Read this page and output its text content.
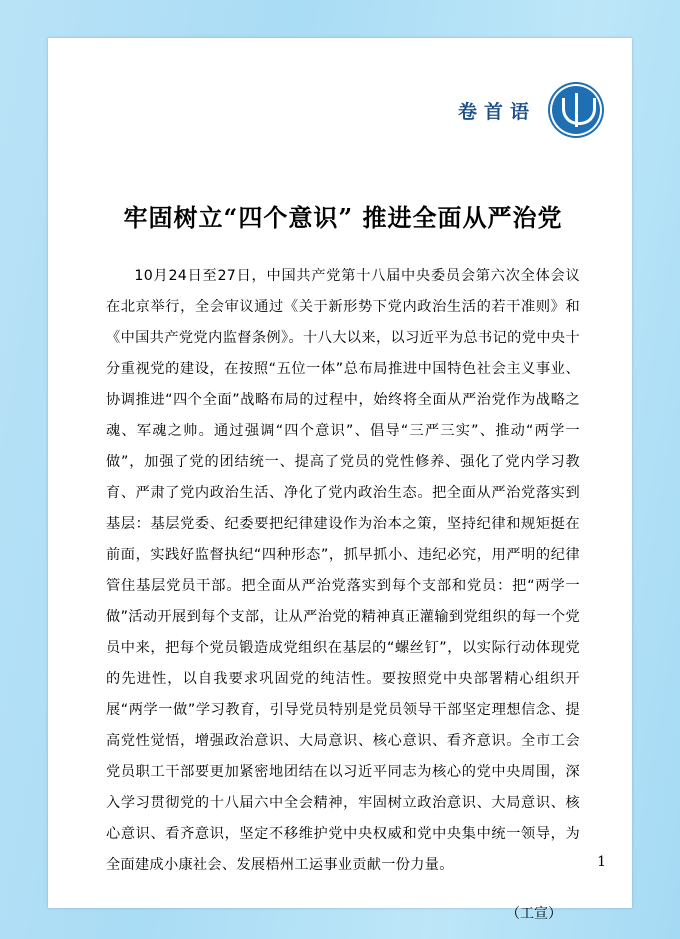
卷首语
牢固树立“四个意识” 推进全面从严治党

10月24日至27日，中国共产党第十八届中央委员会第六次全体会议在北京举行，全会审议通过《关于新形势下党内政治生活的若干准则》和《中国共产党党内监督条例》。十八大以来，以习近平为总书记的党中央十分重视党的建设，在按照“五位一体”总布局推进中国特色社会主义事业、协调推进“四个全面”战略布局的过程中，始终将全面从严治党作为战略之魂、军魂之帅。通过强调“四个意识”、倡导“三严三实”、推动“两学一做”，加强了党的团结统一、提高了党员的党性修养、强化了党内学习教育、严肃了党内政治生活、净化了党内政治生态。把全面从严治党落实到基层：基层党委、纪委要把纪律建设作为治本之策，坚持纪律和规矩挺在前面，实践好监督执纪“四种形态”，抓早抓小、违纪必究，用严明的纪律管住基层党员干部。把全面从严治党落实到每个支部和党员：把“两学一做”活动开展到每个支部，让从严治党的精神真正灌输到党组织的每一个党员中来，把每个党员锻造成党组织在基层的“螺丝钉”，以实际行动体现党的先进性，以自我要求巩固党的纯洁性。要按照党中央部署精心组织开展“两学一做”学习教育，引导党员特别是党员领导干部坚定理想信念、提高党性觉悟，增强政治意识、大局意识、核心意识、看齐意识。全市工会党员职工干部要更加紧密地团结在以习近平同志为核心的党中央周围，深入学习贯彻党的十八届六中全会精神，牢固树立政治意识、大局意识、核心意识、看齐意识，坚定不移维护党中央权威和党中央集中统一领导，为全面建成小康社会、发展梧州工运事业贡献一份力量。

（工宣）
1
